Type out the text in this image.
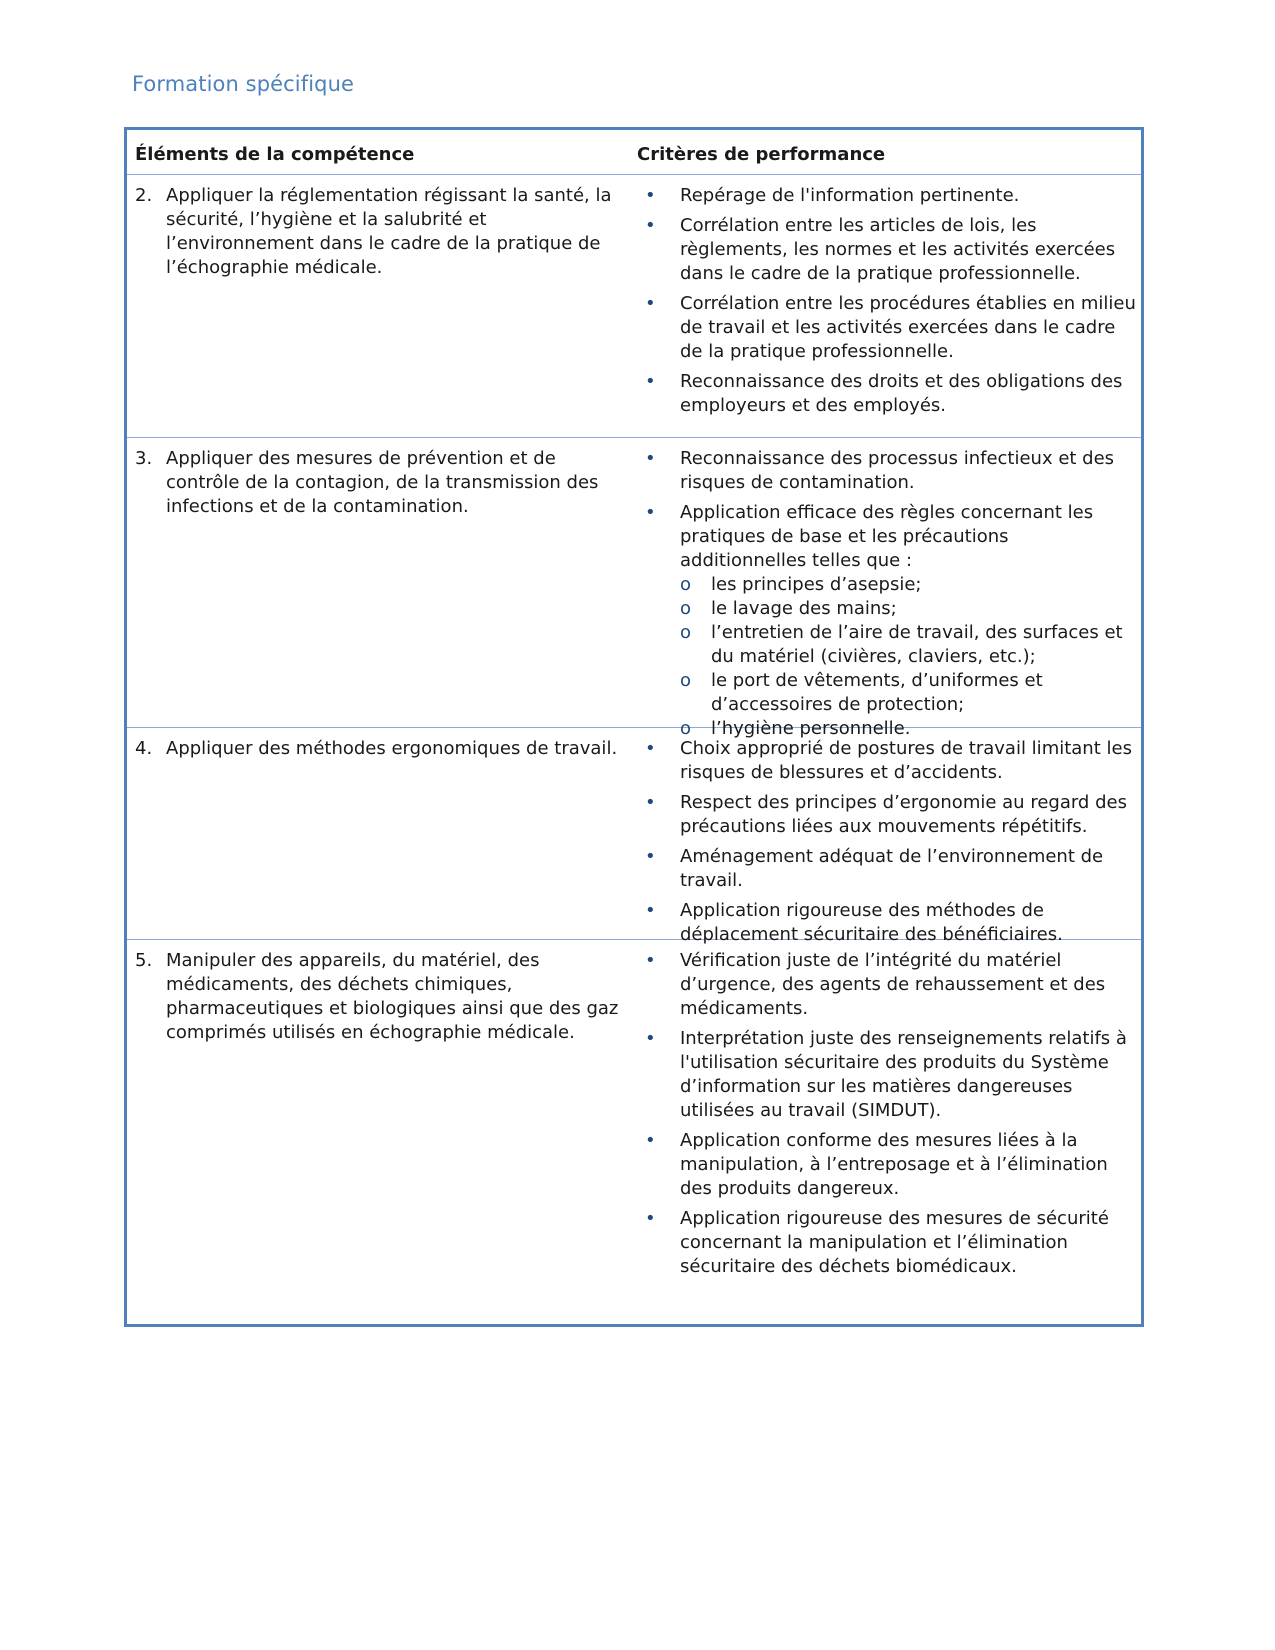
Formation spécifique
Éléments de la compétence	Critères de performance
2. Appliquer la réglementation régissant la santé, la sécurité, l’hygiène et la salubrité et l’environnement dans le cadre de la pratique de l’échographie médicale.
• Repérage de l'information pertinente.
• Corrélation entre les articles de lois, les règlements, les normes et les activités exercées dans le cadre de la pratique professionnelle.
• Corrélation entre les procédures établies en milieu de travail et les activités exercées dans le cadre de la pratique professionnelle.
• Reconnaissance des droits et des obligations des employeurs et des employés.
3. Appliquer des mesures de prévention et de contrôle de la contagion, de la transmission des infections et de la contamination.
• Reconnaissance des processus infectieux et des risques de contamination.
• Application efficace des règles concernant les pratiques de base et les précautions additionnelles telles que :
o les principes d’asepsie;
o le lavage des mains;
o l’entretien de l’aire de travail, des surfaces et du matériel (civières, claviers, etc.);
o le port de vêtements, d’uniformes et d’accessoires de protection;
o l’hygiène personnelle.
4. Appliquer des méthodes ergonomiques de travail.	• Choix approprié de postures de travail limitant les risques de blessures et d’accidents.
• Respect des principes d’ergonomie au regard des précautions liées aux mouvements répétitifs.
• Aménagement adéquat de l’environnement de travail.
• Application rigoureuse des méthodes de déplacement sécuritaire des bénéficiaires.
5. Manipuler des appareils, du matériel, des médicaments, des déchets chimiques, pharmaceutiques et biologiques ainsi que des gaz comprimés utilisés en échographie médicale.
• Vérification juste de l’intégrité du matériel d’urgence, des agents de rehaussement et des médicaments.
• Interprétation juste des renseignements relatifs à l'utilisation sécuritaire des produits du Système d’information sur les matières dangereuses utilisées au travail (SIMDUT).
• Application conforme des mesures liées à la manipulation, à l’entreposage et à l’élimination des produits dangereux.
• Application rigoureuse des mesures de sécurité concernant la manipulation et l’élimination sécuritaire des déchets biomédicaux.
